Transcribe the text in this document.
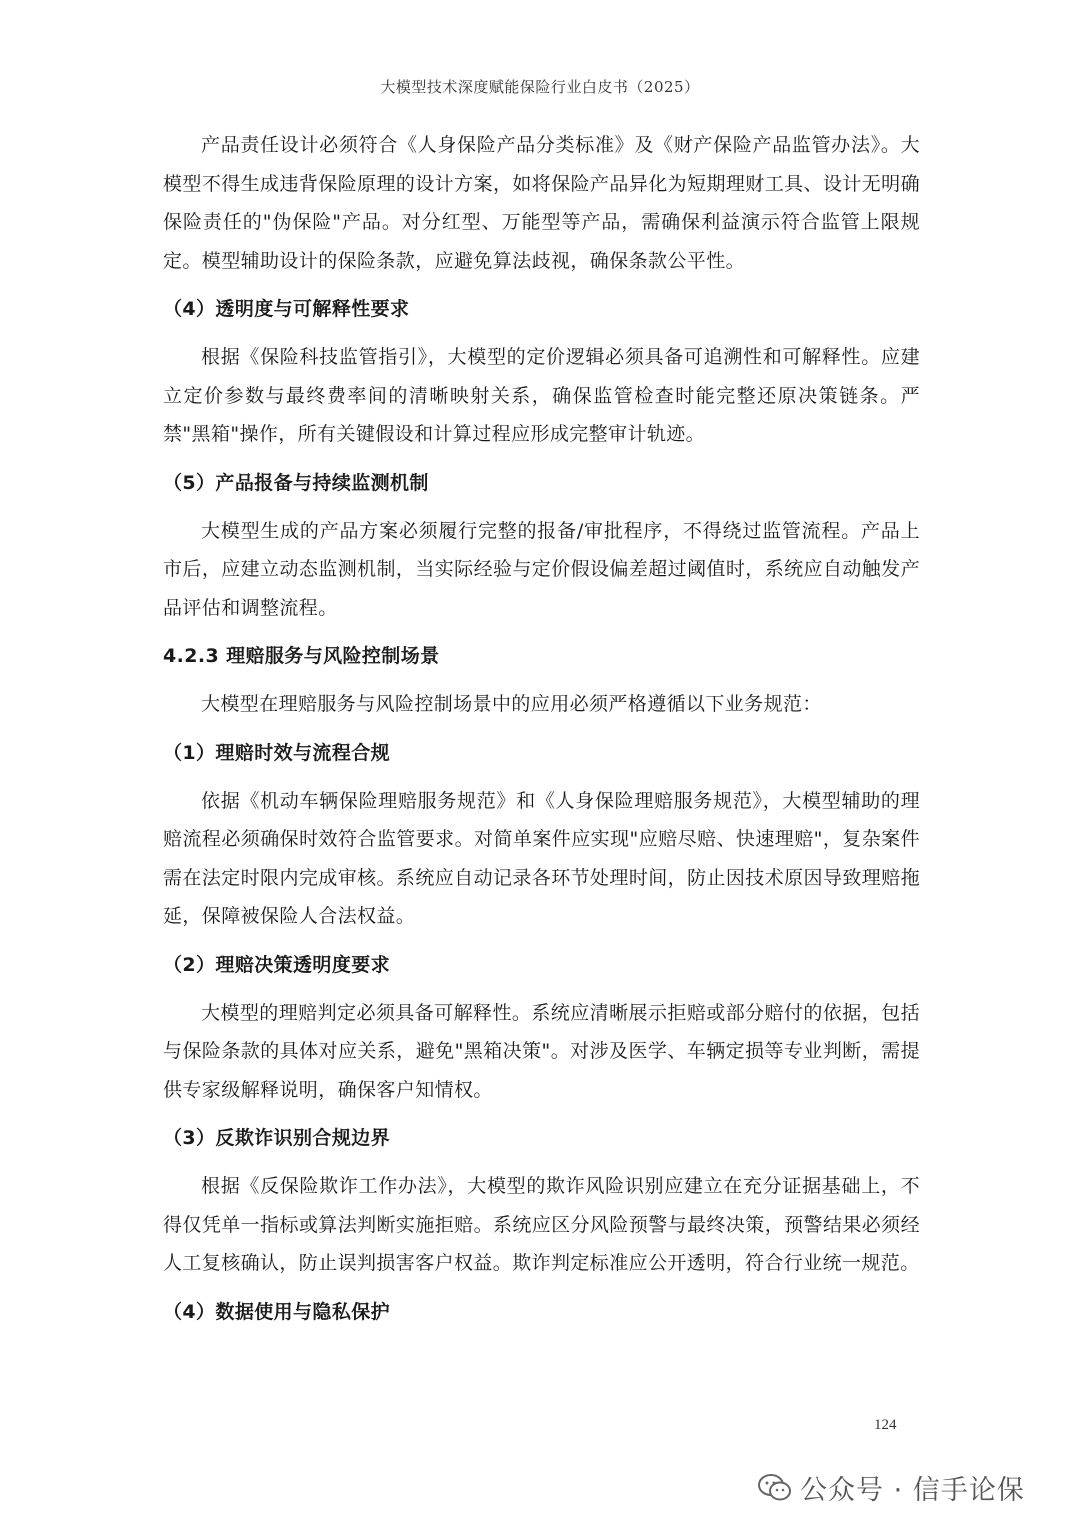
大模型技术深度赋能保险行业白皮书（2025）

产品责任设计必须符合《人身保险产品分类标准》及《财产保险产品监管办法》。大模型不得生成违背保险原理的设计方案，如将保险产品异化为短期理财工具、设计无明确保险责任的"伪保险"产品。对分红型、万能型等产品，需确保利益演示符合监管上限规定。模型辅助设计的保险条款，应避免算法歧视，确保条款公平性。

（4）透明度与可解释性要求

根据《保险科技监管指引》，大模型的定价逻辑必须具备可追溯性和可解释性。应建立定价参数与最终费率间的清晰映射关系，确保监管检查时能完整还原决策链条。严禁"黑箱"操作，所有关键假设和计算过程应形成完整审计轨迹。

（5）产品报备与持续监测机制

大模型生成的产品方案必须履行完整的报备/审批程序，不得绕过监管流程。产品上市后，应建立动态监测机制，当实际经验与定价假设偏差超过阈值时，系统应自动触发产品评估和调整流程。

4.2.3 理赔服务与风险控制场景

大模型在理赔服务与风险控制场景中的应用必须严格遵循以下业务规范：

（1）理赔时效与流程合规

依据《机动车辆保险理赔服务规范》和《人身保险理赔服务规范》，大模型辅助的理赔流程必须确保时效符合监管要求。对简单案件应实现"应赔尽赔、快速理赔"，复杂案件需在法定时限内完成审核。系统应自动记录各环节处理时间，防止因技术原因导致理赔拖延，保障被保险人合法权益。

（2）理赔决策透明度要求

大模型的理赔判定必须具备可解释性。系统应清晰展示拒赔或部分赔付的依据，包括与保险条款的具体对应关系，避免"黑箱决策"。对涉及医学、车辆定损等专业判断，需提供专家级解释说明，确保客户知情权。

（3）反欺诈识别合规边界

根据《反保险欺诈工作办法》，大模型的欺诈风险识别应建立在充分证据基础上，不得仅凭单一指标或算法判断实施拒赔。系统应区分风险预警与最终决策，预警结果必须经人工复核确认，防止误判损害客户权益。欺诈判定标准应公开透明，符合行业统一规范。

（4）数据使用与隐私保护
124
公众号 · 信手论保
